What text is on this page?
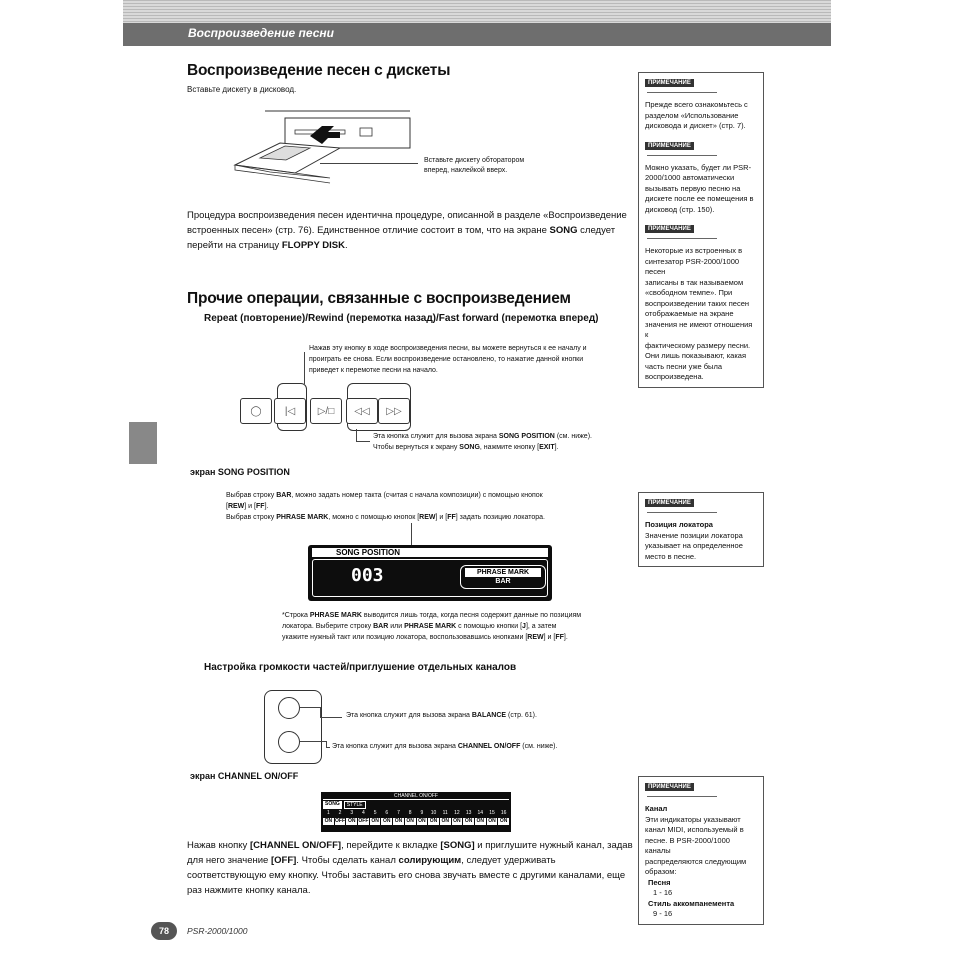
Воспроизведение песни
Воспроизведение песен с дискеты
Вставьте дискету в дисковод.
Вставьте дискету обторатором
вперед, наклейкой вверх.
Процедура воспроизведения песен идентична процедуре, описанной в разделе «Воспроизведение
встроенных песен» (стр. 76). Единственное отличие состоит в том, что на экране SONG следует
перейти на страницу FLOPPY DISK.
Прочие операции, связанные с воспроизведением
Repeat (повторение)/Rewind (перемотка назад)/Fast forward (перемотка вперед)
Нажав эту кнопку в ходе воспроизведения песни, вы можете вернуться к ее началу и
проиграть ее снова. Если воспроизведение остановлено, то нажатие данной кнопки
приведет к перемотке песни на начало.
◯	|◁	▷/□	◁◁	▷▷
Эта кнопка служит для вызова экрана SONG POSITION (см. ниже).
Чтобы вернуться к экрану SONG, нажмите кнопку [EXIT].
экран SONG POSITION
Выбрав строку BAR, можно задать номер такта (считая с начала композиции) с помощью кнопок
[REW] и [FF].
Выбрав строку PHRASE MARK, можно с помощью кнопок [REW] и [FF] задать позицию локатора.
SONG POSITION
003	PHRASE MARK
BAR
*Строка PHRASE MARK выводится лишь тогда, когда песня содержит данные по позициям
локатора. Выберите строку BAR или PHRASE MARK с помощью кнопки [J], а затем
укажите нужный такт или позицию локатора, воспользовавшись кнопками [REW] и [FF].
Настройка громкости частей/приглушение отдельных каналов
Эта кнопка служит для вызова экрана BALANCE (стр. 61).
Эта кнопка служит для вызова экрана CHANNEL ON/OFF (см. ниже).
экран CHANNEL ON/OFF
CHANNEL ON/OFF
SONG	STYLE
1	2	3	4	5	6	7	8	9	10	11	12	13	14	15	16
ON OFF ON OFF ON ON ON ON ON ON ON ON ON ON ON ON
Нажав кнопку [CHANNEL ON/OFF], перейдите к вкладке [SONG] и приглушите нужный канал, задав
для него значение [OFF]. Чтобы сделать канал солирующим, следует удерживать
соответствующую ему кнопку. Чтобы заставить его снова звучать вместе с другими каналами, еще
раз нажмите кнопку канала.
ПРИМЕЧАНИЕ

Прежде всего ознакомьтесь с
разделом «Использование
дисковода и дискет» (стр. 7).

ПРИМЕЧАНИЕ

Можно указать, будет ли PSR-
2000/1000 автоматически
вызывать первую песню на
дискете после ее помещения в
дисковод (стр. 150).

ПРИМЕЧАНИЕ

Некоторые из встроенных в
синтезатор PSR-2000/1000 песен
записаны в так называемом
«свободном темпе». При
воспроизведении таких песен
отображаемые на экране
значения не имеют отношения к
фактическому размеру песни.
Они лишь показывают, какая
часть песни уже была
воспроизведена.

ПРИМЕЧАНИЕ

Позиция локатора
Значение позиции локатора
указывает на определенное
место в песне.

ПРИМЕЧАНИЕ

Канал
Эти индикаторы указывают
канал MIDI, используемый в
песне. В PSR-2000/1000 каналы
распределяются следующим
образом:
Песня
1 - 16
Стиль аккомпанемента
9 - 16

78	PSR-2000/1000
